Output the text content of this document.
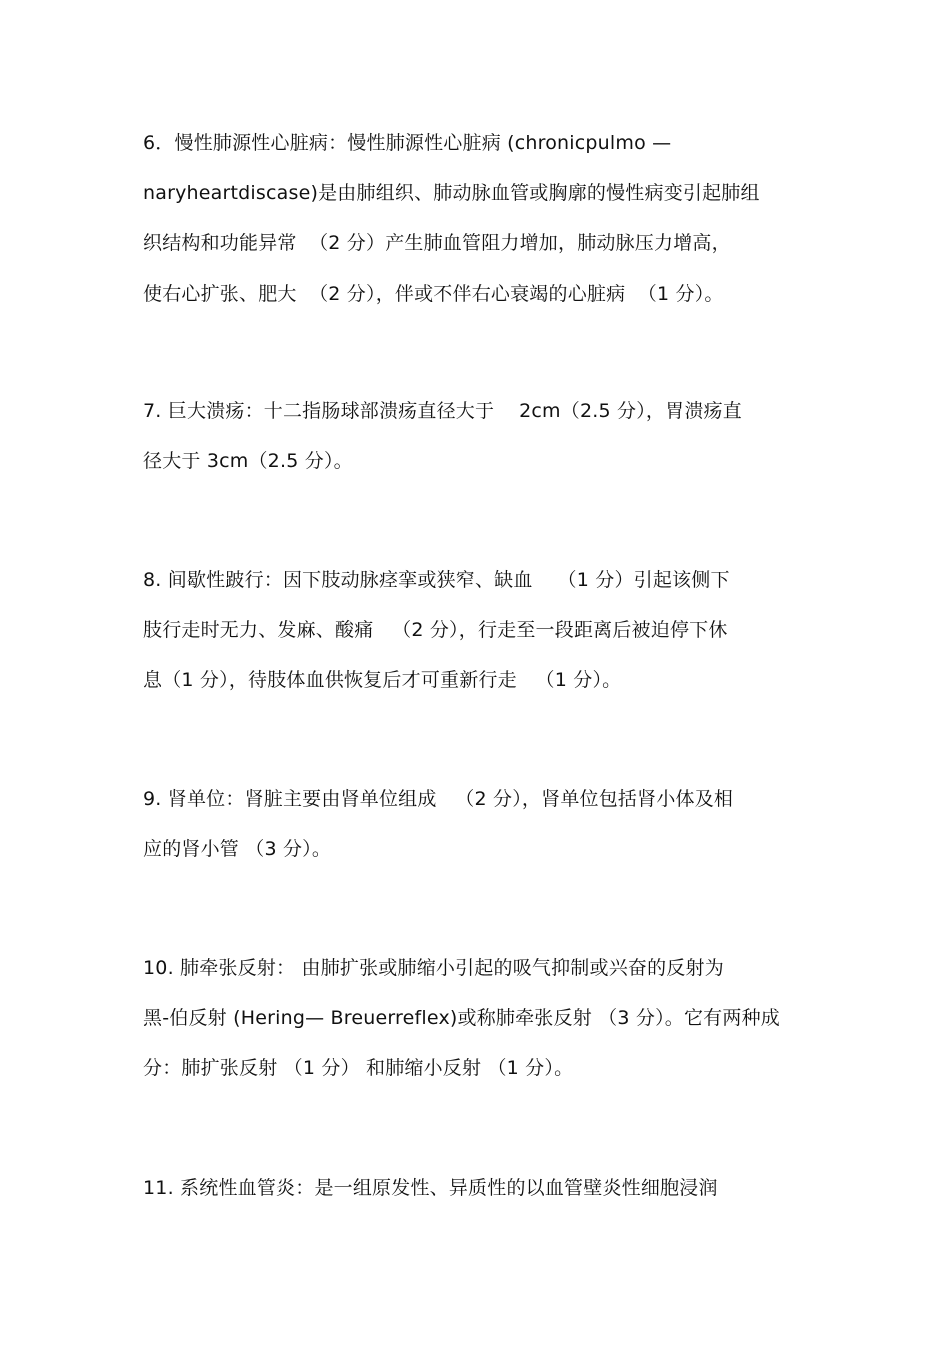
6．慢性肺源性心脏病：慢性肺源性心脏病 (chronicpulmo —
naryheartdiscase)是由肺组织、肺动脉血管或胸廓的慢性病变引起肺组
织结构和功能异常  （2 分）产生肺血管阻力增加，肺动脉压力增高，
使右心扩张、肥大  （2 分），伴或不伴右心衰竭的心脏病  （1 分）。
7. 巨大溃疡：十二指肠球部溃疡直径大于    2cm（2.5 分），胃溃疡直
径大于 3cm（2.5 分）。
8. 间歇性跛行：因下肢动脉痉挛或狭窄、缺血    （1 分）引起该侧下
肢行走时无力、发麻、酸痛   （2 分），行走至一段距离后被迫停下休
息（1 分），待肢体血供恢复后才可重新行走   （1 分）。
9. 肾单位：肾脏主要由肾单位组成   （2 分），肾单位包括肾小体及相
应的肾小管 （3 分）。
10. 肺牵张反射： 由肺扩张或肺缩小引起的吸气抑制或兴奋的反射为
黑-伯反射 (Hering— Breuerreflex)或称肺牵张反射 （3 分）。它有两种成
分：肺扩张反射 （1 分） 和肺缩小反射 （1 分）。
11. 系统性血管炎：是一组原发性、异质性的以血管壁炎性细胞浸润
